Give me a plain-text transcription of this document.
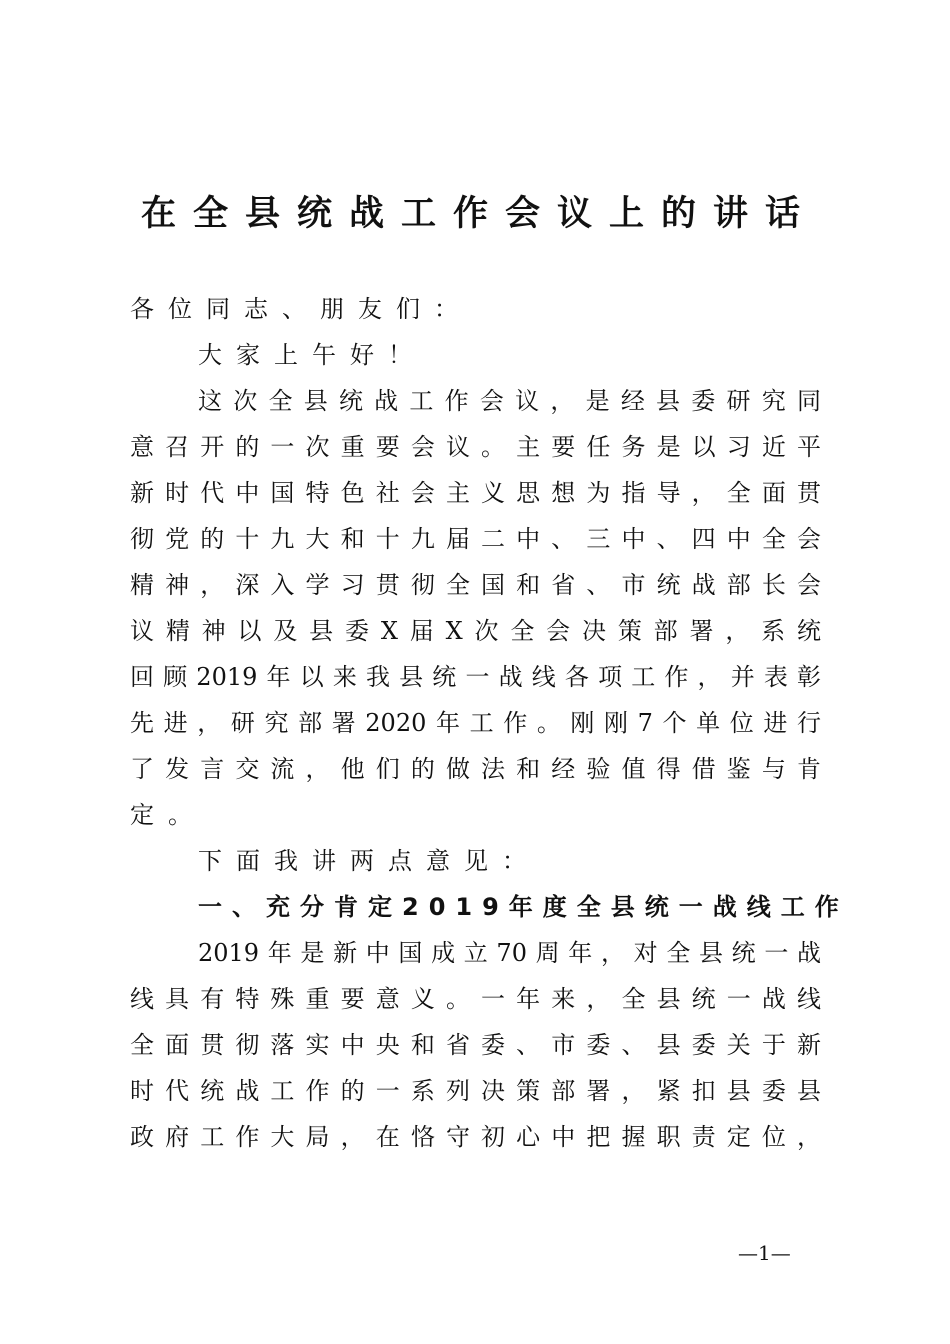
在全县统战工作会议上的讲话
各位同志、朋友们：
大家上午好！
这次全县统战工作会议，是经县委研究同
意召开的一次重要会议。主要任务是以习近平
新时代中国特色社会主义思想为指导，全面贯
彻党的十九大和十九届二中、三中、四中全会
精神，深入学习贯彻全国和省、市统战部长会
议精神以及县委X届X次全会决策部署，系统
回顾2019年以来我县统一战线各项工作，并表彰
先进，研究部署2020年工作。刚刚7个单位进行
了发言交流，他们的做法和经验值得借鉴与肯
定。
下面我讲两点意见：
一、充分肯定2019年度全县统一战线工作
2019年是新中国成立70周年，对全县统一战
线具有特殊重要意义。一年来，全县统一战线
全面贯彻落实中央和省委、市委、县委关于新
时代统战工作的一系列决策部署，紧扣县委县
政府工作大局，在恪守初心中把握职责定位，
—1—
